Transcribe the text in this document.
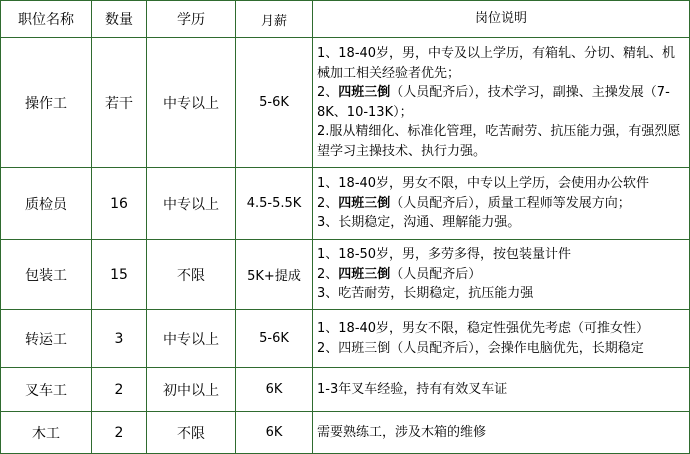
职位名称	数量	学历	月薪	岗位说明
操作工	若干	中专以上	5-6K	1、18-40岁，男，中专及以上学历，有箱轧、分切、精轧、机械加工相关经验者优先；
2、四班三倒（人员配齐后），技术学习，副操、主操发展（7-8K、10-13K）；
2.服从精细化、标准化管理，吃苦耐劳、抗压能力强，有强烈愿望学习主操技术、执行力强。

质检员	16	中专以上	4.5-5.5K	1、18-40岁，男女不限，中专以上学历，会使用办公软件
2、四班三倒（人员配齐后），质量工程师等发展方向；
3、长期稳定，沟通、理解能力强。

包装工	15	不限	5K+提成	1、18-50岁，男，多劳多得，按包装量计件
2、四班三倒（人员配齐后）
3、吃苦耐劳，长期稳定，抗压能力强

转运工	3	中专以上	5-6K	1、18-40岁，男女不限，稳定性强优先考虑（可推女性）
2、四班三倒（人员配齐后），会操作电脑优先，长期稳定

叉车工	2	初中以上	6K	1-3年叉车经验，持有有效叉车证

木工	2	不限	6K	需要熟练工，涉及木箱的维修
